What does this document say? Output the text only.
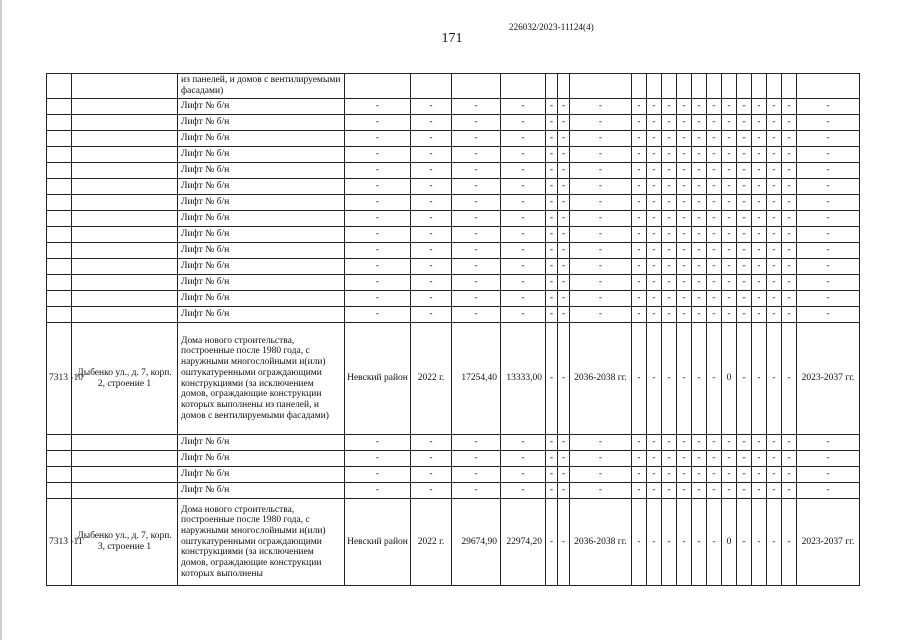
171
226032/2023-11124(4)
		из панелей, и домов с вентилируемыми фасадами)																			
		Лифт № б/н	-	-	-	-	-	-	-	-	-	-	-	-	-	-	-	-	-	-	-
		Лифт № б/н	-	-	-	-	-	-	-	-	-	-	-	-	-	-	-	-	-	-	-
		Лифт № б/н	-	-	-	-	-	-	-	-	-	-	-	-	-	-	-	-	-	-	-
		Лифт № б/н	-	-	-	-	-	-	-	-	-	-	-	-	-	-	-	-	-	-	-
		Лифт № б/н	-	-	-	-	-	-	-	-	-	-	-	-	-	-	-	-	-	-	-
		Лифт № б/н	-	-	-	-	-	-	-	-	-	-	-	-	-	-	-	-	-	-	-
		Лифт № б/н	-	-	-	-	-	-	-	-	-	-	-	-	-	-	-	-	-	-	-
		Лифт № б/н	-	-	-	-	-	-	-	-	-	-	-	-	-	-	-	-	-	-	-
		Лифт № б/н	-	-	-	-	-	-	-	-	-	-	-	-	-	-	-	-	-	-	-
		Лифт № б/н	-	-	-	-	-	-	-	-	-	-	-	-	-	-	-	-	-	-	-
		Лифт № б/н	-	-	-	-	-	-	-	-	-	-	-	-	-	-	-	-	-	-	-
		Лифт № б/н	-	-	-	-	-	-	-	-	-	-	-	-	-	-	-	-	-	-	-
		Лифт № б/н	-	-	-	-	-	-	-	-	-	-	-	-	-	-	-	-	-	-	-
		Лифт № б/н	-	-	-	-	-	-	-	-	-	-	-	-	-	-	-	-	-	-	-
7313 -10	Дыбенко ул., д. 7, корп. 2, строение 1	Дома нового строительства, построенные после 1980 года, с наружными многослойными и(или) оштукатуренными ограждающими конструкциями (за исключением домов, ограждающие конструкции которых выполнены из панелей, и домов с вентилируемыми фасадами)	Невский район	2022 г.	17254,40	13333,00	-	-	2036-2038 гг.	-	-	-	-	-	-	0	-	-	-	-	2023-2037 гг.
		Лифт № б/н	-	-	-	-	-	-	-	-	-	-	-	-	-	-	-	-	-	-	-
		Лифт № б/н	-	-	-	-	-	-	-	-	-	-	-	-	-	-	-	-	-	-	-
		Лифт № б/н	-	-	-	-	-	-	-	-	-	-	-	-	-	-	-	-	-	-	-
		Лифт № б/н	-	-	-	-	-	-	-	-	-	-	-	-	-	-	-	-	-	-	-
7313 -11	Дыбенко ул., д. 7, корп. 3, строение 1	Дома нового строительства, построенные после 1980 года, с наружными многослойными и(или) оштукатуренными ограждающими конструкциями (за исключением домов, ограждающие конструкции которых выполнены	Невский район	2022 г.	29674,90	22974,20	-	-	2036-2038 гг.	-	-	-	-	-	-	0	-	-	-	-	2023-2037 гг.
